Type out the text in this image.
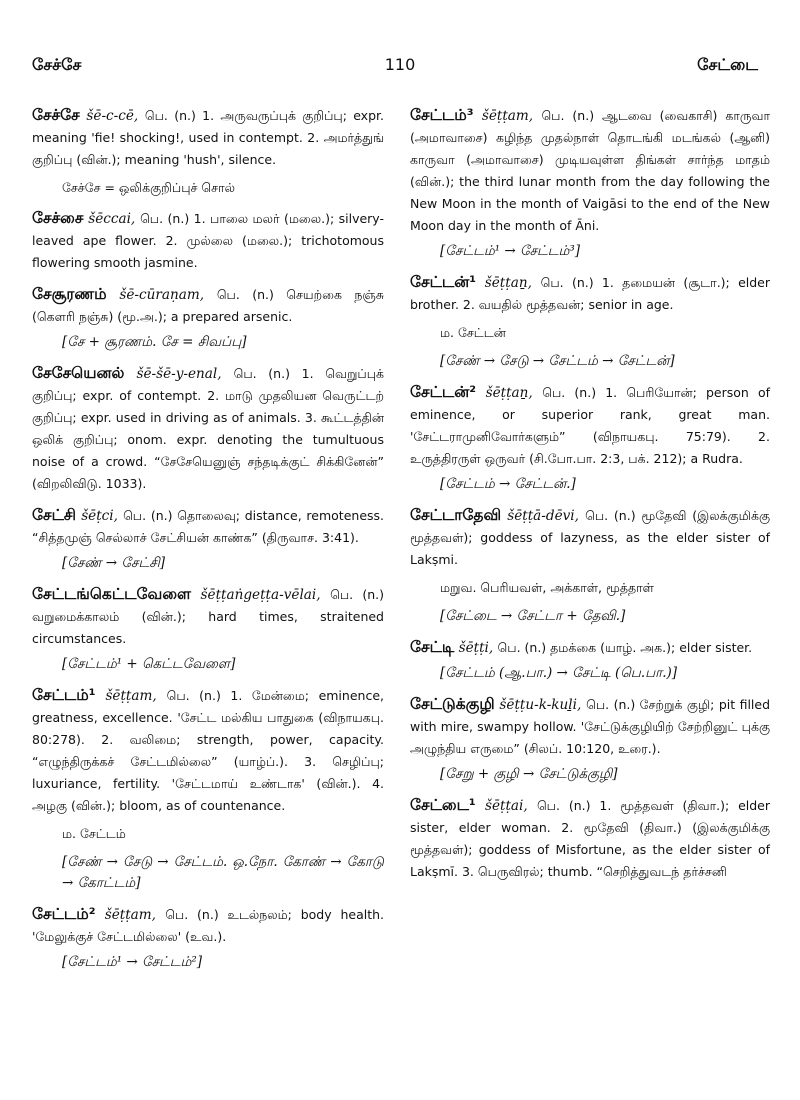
110
சேச்சே	சேட்டை
சேச்சே šē-c-cē, பெ. (n.) 1. அருவருப்புக் குறிப்பு; expr. meaning 'fie! shocking!, used in contempt. 2. அமர்த்துங் குறிப்பு (வின்.); meaning 'hush', silence.
சேச்சே = ஒலிக்குறிப்புச் சொல்
சேச்சை šēccai, பெ. (n.) 1. பாலை மலர் (மலை.); silvery-leaved ape flower. 2. முல்லை (மலை.); trichotomous flowering smooth jasmine.
சேசூரணம் šē-cūraṇam, பெ. (n.) செயற்கை நஞ்சு (கௌரி நஞ்சு) (மூ.அ.); a prepared arsenic.
[சே + சூரணம். சே = சிவப்பு]
சேசேயெனல் šē-šē-y-enal, பெ. (n.) 1. வெறுப்புக் குறிப்பு; expr. of contempt. 2. மாடு முதலியன வெருட்டற் குறிப்பு; expr. used in driving as of animals. 3. கூட்டத்தின் ஒலிக் குறிப்பு; onom. expr. denoting the tumultuous noise of a crowd. “சேசேயெனுஞ் சந்தடிக்குட் சிக்கினேன்” (விறலிவிடு. 1033).
சேட்சி šēṭci, பெ. (n.) தொலைவு; distance, remoteness. “சித்தமுஞ் செல்லாச் சேட்சியன் காண்க” (திருவாச. 3:41).
[சேண் → சேட்சி]
சேட்டங்கெட்டவேளை šēṭṭaṅgeṭṭa-vēlai, பெ. (n.) வறுமைக்காலம் (வின்.); hard times, straitened circumstances.
[சேட்டம்¹ + கெட்டவேளை]
சேட்டம்¹ šēṭṭam, பெ. (n.) 1. மேன்மை; eminence, greatness, excellence. 'சேட்ட மல்கிய பாதுகை (விநாயகபு. 80:278). 2. வலிமை; strength, power, capacity. “எழுந்திருக்கச் சேட்டமில்லை” (யாழ்ப்.). 3. செழிப்பு; luxuriance, fertility. 'சேட்டமாய் உண்டாக' (வின்.). 4. அழகு (வின்.); bloom, as of countenance.
ம. சேட்டம்
[சேண் → சேடு → சேட்டம். ஒ.நோ. கோண் → கோடு → கோட்டம்]
சேட்டம்² šēṭṭam, பெ. (n.) உடல்நலம்; body health. 'மேலுக்குச் சேட்டமில்லை' (உவ.).
[சேட்டம்¹ → சேட்டம்²]
சேட்டம்³ šēṭṭam, பெ. (n.) ஆடவை (வைகாசி) காருவா (அமாவாசை) கழிந்த முதல்நாள் தொடங்கி மடங்கல் (ஆனி) காருவா (அமாவாசை) முடியவுள்ள திங்கள் சார்ந்த மாதம் (வின்.); the third lunar month from the day following the New Moon in the month of Vaigāsi to the end of the New Moon day in the month of Āni.
[சேட்டம்¹ → சேட்டம்³]
சேட்டன்¹ šēṭṭaṉ, பெ. (n.) 1. தமையன் (சூடா.); elder brother. 2. வயதில் மூத்தவன்; senior in age.
ம. சேட்டன்
[சேண் → சேடு → சேட்டம் → சேட்டன்]
சேட்டன்² šēṭṭaṉ, பெ. (n.) 1. பெரியோன்; person of eminence, or superior rank, great man. 'சேட்டராமுனிவோர்களும்” (விநாயகபு. 75:79). 2. உருத்திரருள் ஒருவர் (சி.போ.பா. 2:3, பக். 212); a Rudra.
[சேட்டம் → சேட்டன்.]
சேட்டாதேவி šēṭṭā-dēvi, பெ. (n.) மூதேவி (இலக்குமிக்கு மூத்தவள்); goddess of lazyness, as the elder sister of Lakṣmi.
மறுவ. பெரியவள், அக்காள், மூத்தாள்
[சேட்டை → சேட்டா + தேவி.]
சேட்டி šēṭṭi, பெ. (n.) தமக்கை (யாழ். அக.); elder sister.
[சேட்டம் (ஆ.பா.) → சேட்டி (பெ.பா.)]
சேட்டுக்குழி šēṭṭu-k-kuḻi, பெ. (n.) சேற்றுக் குழி; pit filled with mire, swampy hollow. 'சேட்டுக்குழியிற் சேற்றினுட் புக்கு அழுந்திய எருமை” (சிலப். 10:120, உரை.).
[சேறு + குழி → சேட்டுக்குழி]
சேட்டை¹ šēṭṭai, பெ. (n.) 1. மூத்தவள் (திவா.); elder sister, elder woman. 2. மூதேவி (திவா.) (இலக்குமிக்கு மூத்தவள்); goddess of Misfortune, as the elder sister of Lakṣmī. 3. பெருவிரல்; thumb. “செறித்துவடந் தர்ச்சனி
